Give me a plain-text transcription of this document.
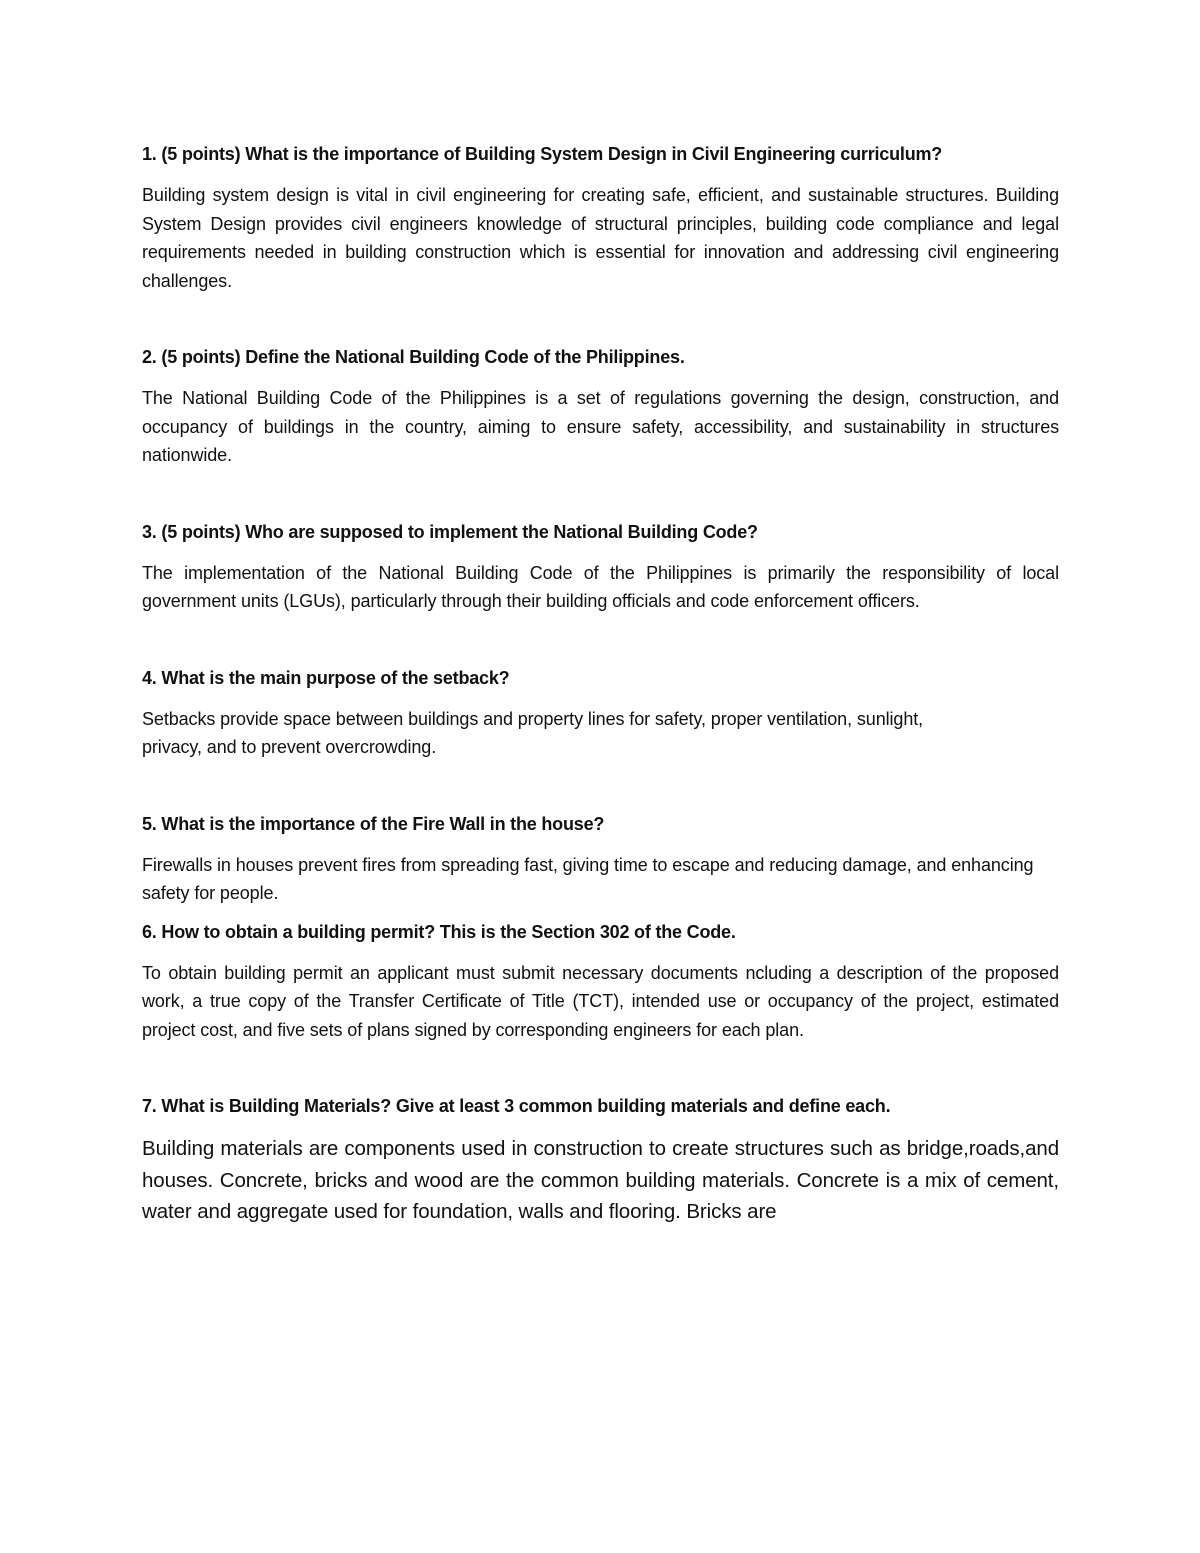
1. (5 points) What is the importance of Building System Design in Civil Engineering curriculum?

Building system design is vital in civil engineering for creating safe, efficient, and sustainable structures. Building System Design provides civil engineers knowledge of structural principles, building code compliance and legal requirements needed in building construction which is essential for innovation and addressing civil engineering challenges.

2. (5 points) Define the National Building Code of the Philippines.

The National Building Code of the Philippines is a set of regulations governing the design, construction, and occupancy of buildings in the country, aiming to ensure safety, accessibility, and sustainability in structures nationwide.

3. (5 points) Who are supposed to implement the National Building Code?

The implementation of the National Building Code of the Philippines is primarily the responsibility of local government units (LGUs), particularly through their building officials and code enforcement officers.

4. What is the main purpose of the setback?

Setbacks provide space between buildings and property lines for safety, proper ventilation, sunlight, privacy, and to prevent overcrowding.

5. What is the importance of the Fire Wall in the house?

Firewalls in houses prevent fires from spreading fast, giving time to escape and reducing damage, and enhancing safety for people.

6. How to obtain a building permit? This is the Section 302 of the Code.

To obtain building permit an applicant must submit necessary documents ncluding a description of the proposed work, a true copy of the Transfer Certificate of Title (TCT), intended use or occupancy of the project, estimated project cost, and five sets of plans signed by corresponding engineers for each plan.

7. What is Building Materials? Give at least 3 common building materials and define each.

Building materials are components used in construction to create structures such as bridge,roads,and houses. Concrete, bricks and wood are the common building materials. Concrete is a mix of cement, water and aggregate used for foundation, walls and flooring. Bricks are
